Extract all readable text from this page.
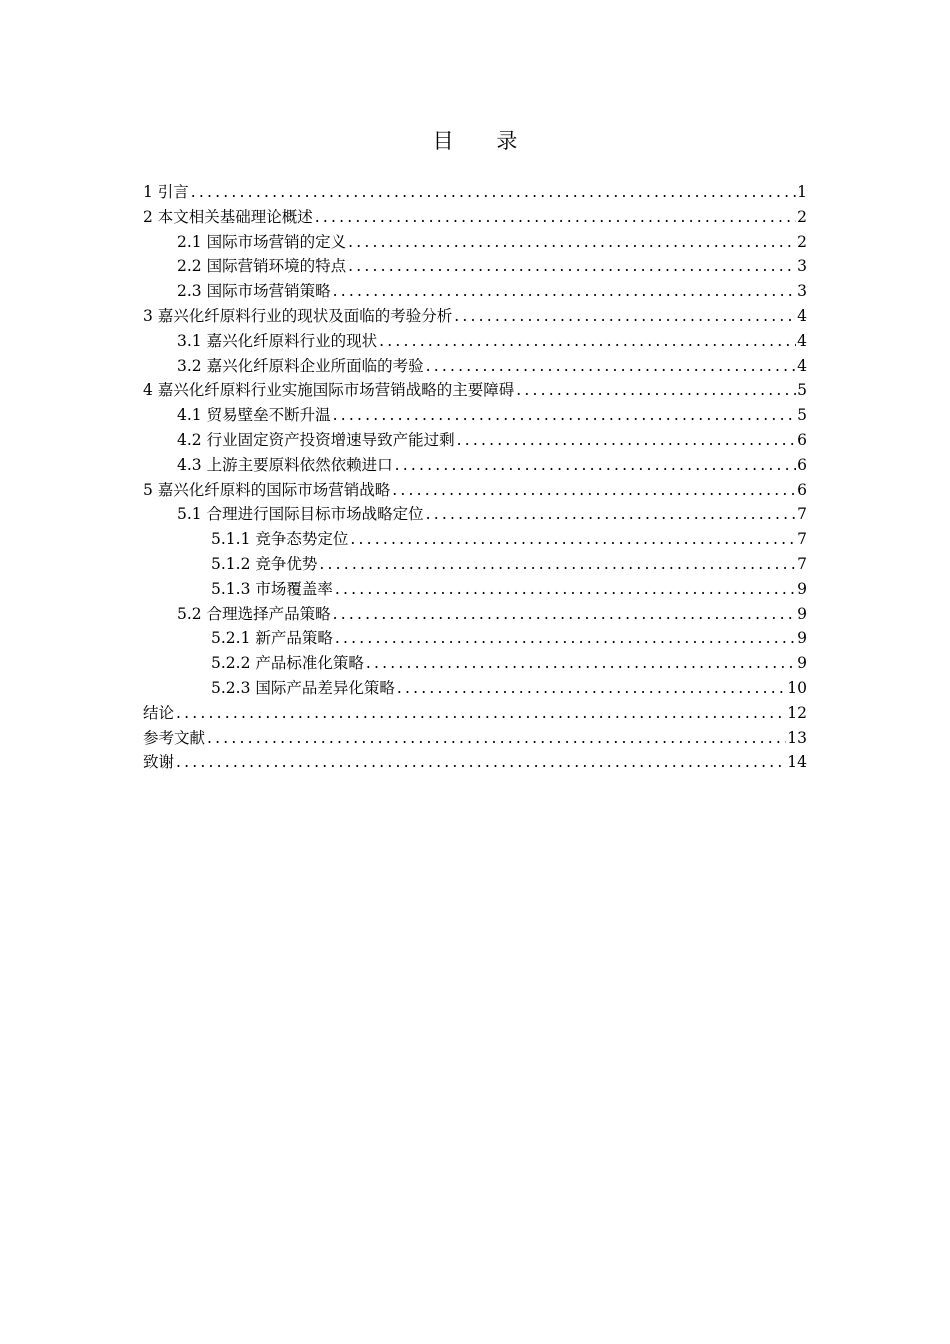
目 录
1 引言 .....	1
2 本文相关基础理论概述 .....	2
2.1 国际市场营销的定义 .....	2
2.2 国际营销环境的特点 .....	3
2.3 国际市场营销策略 .....	3
3 嘉兴化纤原料行业的现状及面临的考验分析 .....	4
3.1 嘉兴化纤原料行业的现状 .....	4
3.2 嘉兴化纤原料企业所面临的考验 .....	4
4 嘉兴化纤原料行业实施国际市场营销战略的主要障碍 .....	5
4.1 贸易壁垒不断升温 .....	5
4.2 行业固定资产投资增速导致产能过剩 .....	6
4.3 上游主要原料依然依赖进口 .....	6
5 嘉兴化纤原料的国际市场营销战略 .....	6
5.1 合理进行国际目标市场战略定位 .....	7
5.1.1 竞争态势定位 .....	7
5.1.2 竞争优势 .....	7
5.1.3 市场覆盖率 .....	9
5.2 合理选择产品策略 .....	9
5.2.1 新产品策略 .....	9
5.2.2 产品标准化策略 .....	9
5.2.3 国际产品差异化策略 .....	10
结论 .....	12
参考文献 .....	13
致谢 .....	14
